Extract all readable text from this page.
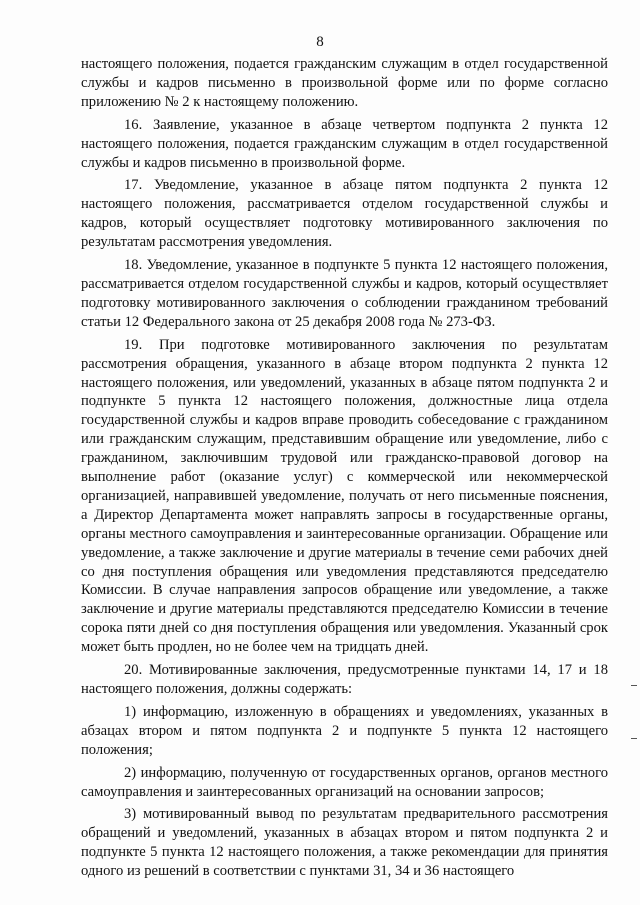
8

настоящего положения, подается гражданским служащим в отдел государственной службы и кадров письменно в произвольной форме или по форме согласно приложению № 2 к настоящему положению.

16. Заявление, указанное в абзаце четвертом подпункта 2 пункта 12 настоящего положения, подается гражданским служащим в отдел государственной службы и кадров письменно в произвольной форме.

17. Уведомление, указанное в абзаце пятом подпункта 2 пункта 12 настоящего положения, рассматривается отделом государственной службы и кадров, который осуществляет подготовку мотивированного заключения по результатам рассмотрения уведомления.

18. Уведомление, указанное в подпункте 5 пункта 12 настоящего положения, рассматривается отделом государственной службы и кадров, который осуществляет подготовку мотивированного заключения о соблюдении гражданином требований статьи 12 Федерального закона от 25 декабря 2008 года № 273-ФЗ.

19. При подготовке мотивированного заключения по результатам рассмотрения обращения, указанного в абзаце втором подпункта 2 пункта 12 настоящего положения, или уведомлений, указанных в абзаце пятом подпункта 2 и подпункте 5 пункта 12 настоящего положения, должностные лица отдела государственной службы и кадров вправе проводить собеседование с гражданином или гражданским служащим, представившим обращение или уведомление, либо с гражданином, заключившим трудовой или гражданско-правовой договор на выполнение работ (оказание услуг) с коммерческой или некоммерческой организацией, направившей уведомление, получать от него письменные пояснения, а Директор Департамента может направлять запросы в государственные органы, органы местного самоуправления и заинтересованные организации. Обращение или уведомление, а также заключение и другие материалы в течение семи рабочих дней со дня поступления обращения или уведомления представляются председателю Комиссии. В случае направления запросов обращение или уведомление, а также заключение и другие материалы представляются председателю Комиссии в течение сорока пяти дней со дня поступления обращения или уведомления. Указанный срок может быть продлен, но не более чем на тридцать дней.

20. Мотивированные заключения, предусмотренные пунктами 14, 17 и 18 настоящего положения, должны содержать:

1) информацию, изложенную в обращениях и уведомлениях, указанных в абзацах втором и пятом подпункта 2 и подпункте 5 пункта 12 настоящего положения;

2) информацию, полученную от государственных органов, органов местного самоуправления и заинтересованных организаций на основании запросов;

3) мотивированный вывод по результатам предварительного рассмотрения обращений и уведомлений, указанных в абзацах втором и пятом подпункта 2 и подпункте 5 пункта 12 настоящего положения, а также рекомендации для принятия одного из решений в соответствии с пунктами 31, 34 и 36 настоящего
